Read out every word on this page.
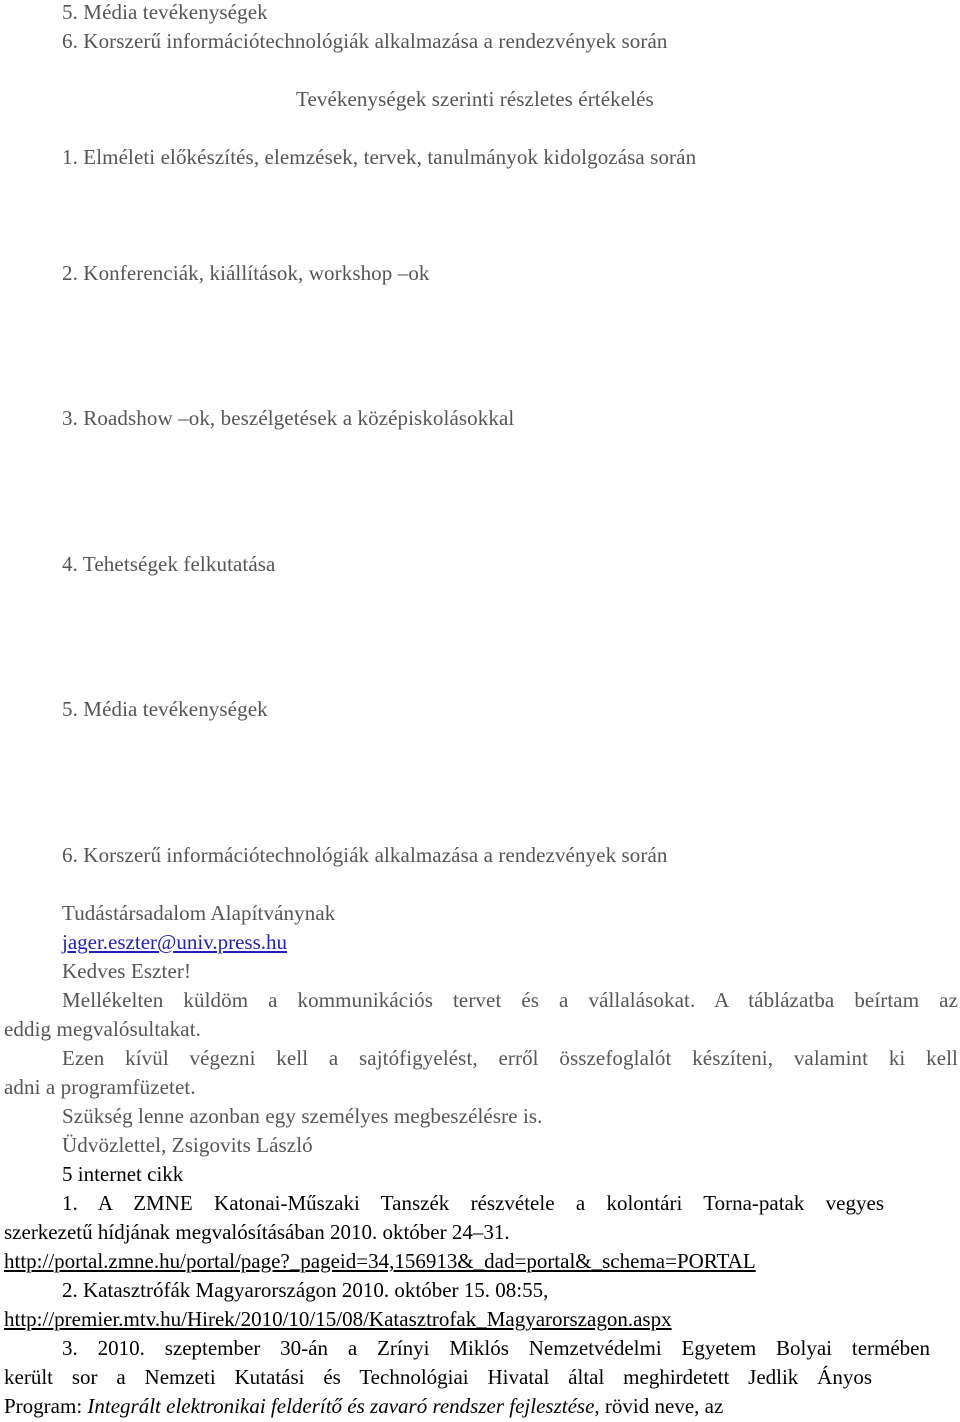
5. Média tevékenységek
6. Korszerű információtechnológiák alkalmazása a rendezvények során
Tevékenységek szerinti részletes értékelés
1. Elméleti előkészítés, elemzések, tervek, tanulmányok kidolgozása során
2. Konferenciák, kiállítások, workshop –ok
3. Roadshow –ok, beszélgetések a középiskolásokkal
4. Tehetségek felkutatása
5. Média tevékenységek
6. Korszerű információtechnológiák alkalmazása a rendezvények során
Tudástársadalom Alapítványnak
jager.eszter@univ.press.hu
Kedves Eszter!
Mellékelten küldöm a kommunikációs tervet és a vállalásokat. A táblázatba beírtam az
eddig megvalósultakat.
Ezen kívül végezni kell a sajtófigyelést, erről összefoglalót készíteni, valamint ki kell
adni a programfüzetet.
Szükség lenne azonban egy személyes megbeszélésre is.
Üdvözlettel, Zsigovits László
5 internet cikk
1. A ZMNE Katonai-Műszaki Tanszék részvétele a kolontári Torna-patak vegyes
szerkezetű hídjának megvalósításában 2010. október 24–31.
http://portal.zmne.hu/portal/page?_pageid=34,156913&_dad=portal&_schema=PORTAL
2. Katasztrófák Magyarországon 2010. október 15. 08:55,
http://premier.mtv.hu/Hirek/2010/10/15/08/Katasztrofak_Magyarorszagon.aspx
3. 2010. szeptember 30-án a Zrínyi Miklós Nemzetvédelmi Egyetem Bolyai termében
került sor a Nemzeti Kutatási és Technológiai Hivatal által meghirdetett Jedlik Ányos
Program: Integrált elektronikai felderítő és zavaró rendszer fejlesztése, rövid neve, az
